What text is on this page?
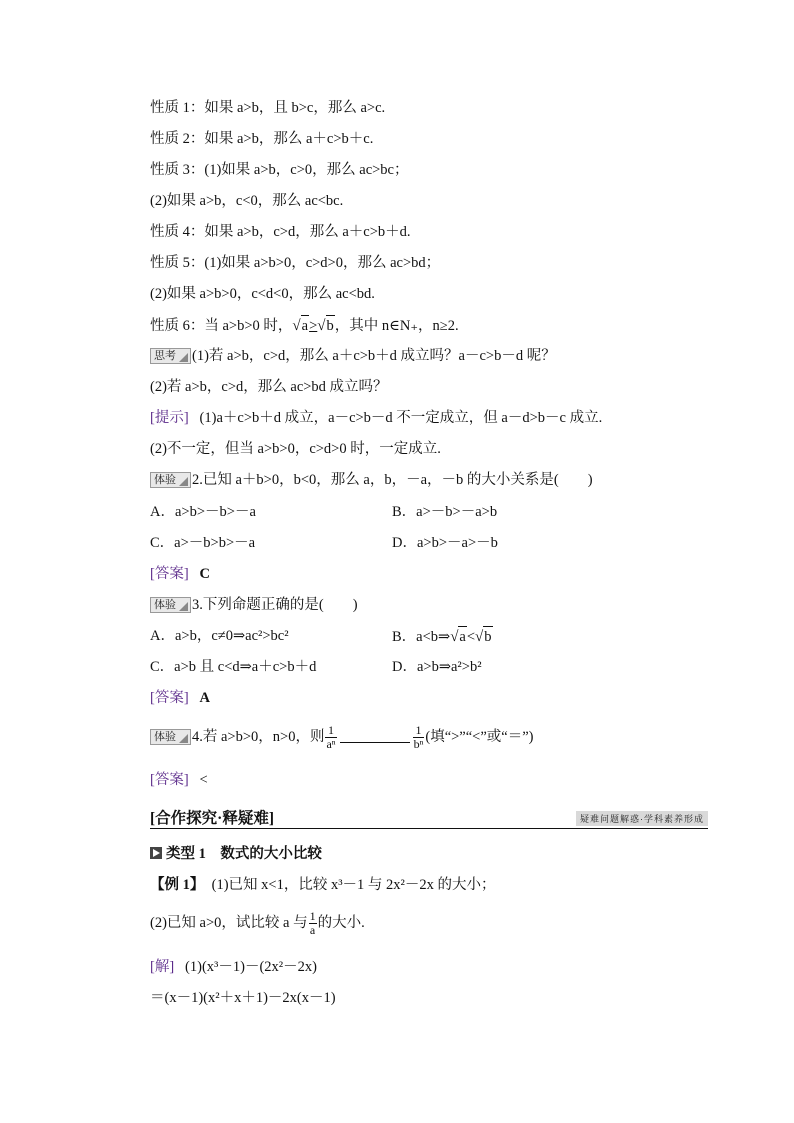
性质 1：如果 a>b，且 b>c，那么 a>c.
性质 2：如果 a>b，那么 a＋c>b＋c.
性质 3：(1)如果 a>b，c>0，那么 ac>bc；
(2)如果 a>b，c<0，那么 ac<bc.
性质 4：如果 a>b，c>d，那么 a＋c>b＋d.
性质 5：(1)如果 a>b>0，c>d>0，那么 ac>bd；
(2)如果 a>b>0，c<d<0，那么 ac<bd.
性质 6：当 a>b>0 时，√a>√b，其中 n∈N₊，n≥2.
思考 (1)若 a>b，c>d，那么 a＋c>b＋d 成立吗？a－c>b－d 呢？
(2)若 a>b，c>d，那么 ac>bd 成立吗？
[提示] (1)a＋c>b＋d 成立，a－c>b－d 不一定成立，但 a－d>b－c 成立.
(2)不一定，但当 a>b>0，c>d>0 时，一定成立.
体验 2.已知 a＋b>0，b<0，那么 a，b，－a，－b 的大小关系是(　　)
A．a>b>－b>－a	B．a>－b>－a>b
C．a>－b>b>－a	D．a>b>－a>－b
[答案] C
体验 3.下列命题正确的是(　　)
A．a>b，c≠0⇒ac²>bc²	B．a<b⇒√a<√b
C．a>b 且 c<d⇒a＋c>b＋d	D．a>b⇒a²>b²
[答案] A
体验 4.若 a>b>0，n>0，则 $\frac{1}{\text{aⁿ}}$	$\frac{1}{\text{bⁿ}}$ (填“>”“<”或“＝”)
[答案] <
[合作探究·释疑难]	疑难问题解惑·学科素养形成
类型 1　数式的大小比较
【例 1】 (1)已知 x<1，比较 x³－1 与 2x²－2x 的大小；
(2)已知 a>0，试比较 a 与 $\frac{1}{a}$ 的大小.
[解] (1)(x³－1)－(2x²－2x)
＝(x－1)(x²＋x＋1)－2x(x－1)
